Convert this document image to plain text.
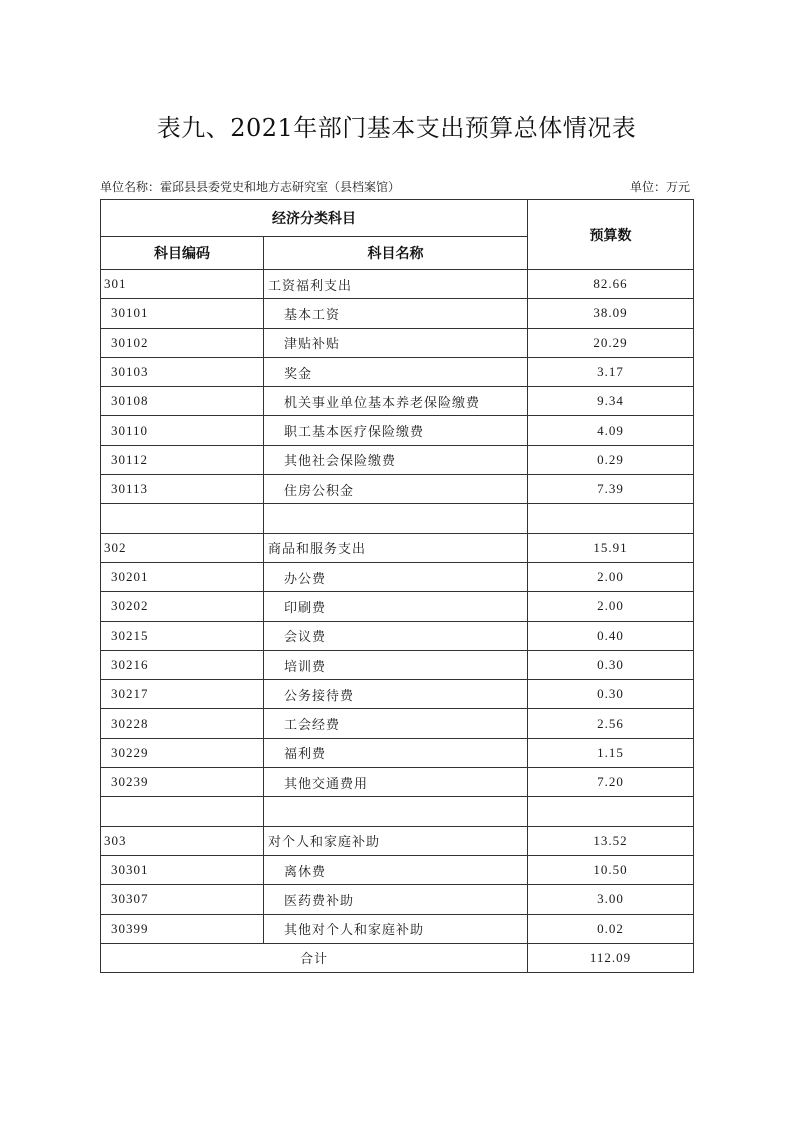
表九、2021年部门基本支出预算总体情况表
单位名称：霍邱县县委党史和地方志研究室（县档案馆）	单位：万元
经济分类科目		预算数
科目编码	科目名称	
301	工资福利支出	82.66
30101	基本工资	38.09
30102	津贴补贴	20.29
30103	奖金	3.17
30108	机关事业单位基本养老保险缴费	9.34
30110	职工基本医疗保险缴费	4.09
30112	其他社会保险缴费	0.29
30113	住房公积金	7.39

302	商品和服务支出	15.91
30201	办公费	2.00
30202	印刷费	2.00
30215	会议费	0.40
30216	培训费	0.30
30217	公务接待费	0.30
30228	工会经费	2.56
30229	福利费	1.15
30239	其他交通费用	7.20

303	对个人和家庭补助	13.52
30301	离休费	10.50
30307	医药费补助	3.00
30399	其他对个人和家庭补助	0.02
合计		112.09
